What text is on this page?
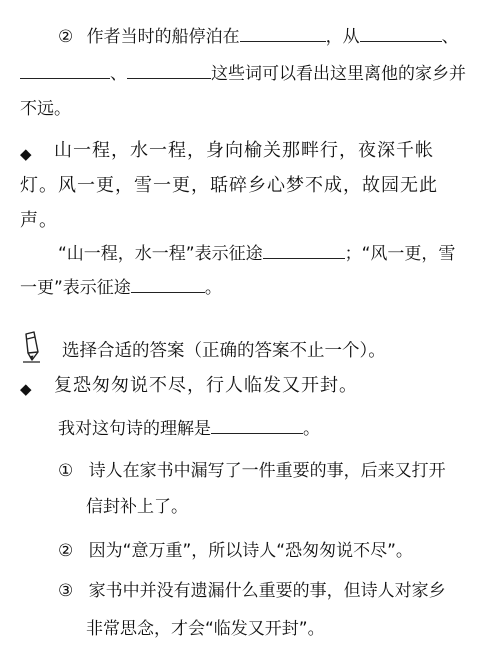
② 作者当时的船停泊在	，从	、
、	这些词可以看出这里离他的家乡并
不远。
◆ 山一程，水一程，身向榆关那畔行，夜深千帐
灯。风一更，雪一更，聒碎乡心梦不成，故园无此
声。
“山一程，水一程”表示征途	；“风一更，雪
一更”表示征途	。
选择合适的答案（正确的答案不止一个）。
◆ 复恐匆匆说不尽，行人临发又开封。
我对这句诗的理解是	。
① 诗人在家书中漏写了一件重要的事，后来又打开
信封补上了。
② 因为“意万重”，所以诗人“恐匆匆说不尽”。
③ 家书中并没有遗漏什么重要的事，但诗人对家乡
非常思念，才会“临发又开封”。
